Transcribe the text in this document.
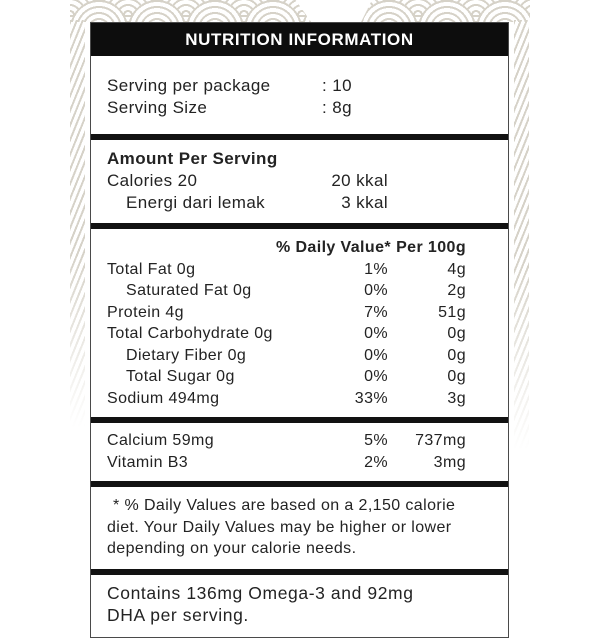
NUTRITION INFORMATION
Serving per package	: 10
Serving Size	: 8g
Amount Per Serving
Calories 20	20 kkal
Energi dari lemak	3 kkal
% Daily Value* Per 100g
Total Fat 0g	1%	4g
Saturated Fat 0g	0%	2g
Protein 4g	7%	51g
Total Carbohydrate 0g	0%	0g
Dietary Fiber 0g	0%	0g
Total Sugar 0g	0%	0g
Sodium 494mg	33%	3g
Calcium 59mg	5%	737mg
Vitamin B3	2%	3mg

* % Daily Values are based on a 2,150 calorie diet. Your Daily Values may be higher or lower depending on your calorie needs.

Contains 136mg Omega-3 and 92mg DHA per serving.
